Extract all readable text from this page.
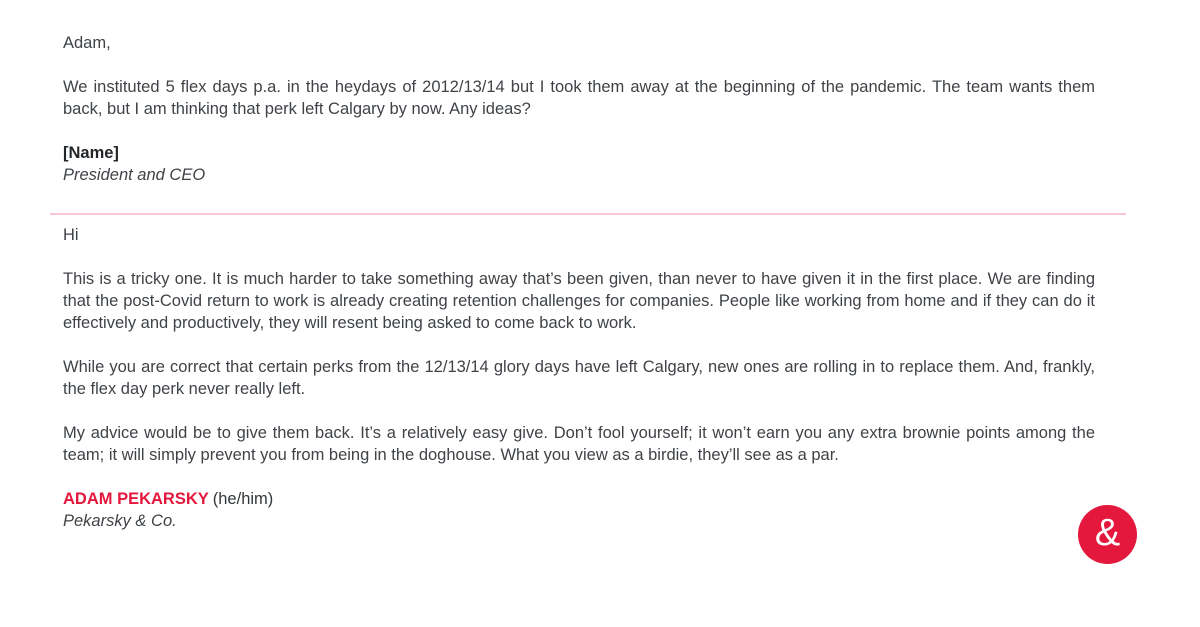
Adam,

We instituted 5 flex days p.a. in the heydays of 2012/13/14 but I took them away at the beginning of the pandemic. The team wants them back, but I am thinking that perk left Calgary by now. Any ideas?

[Name]

President and CEO

Hi

This is a tricky one. It is much harder to take something away that’s been given, than never to have given it in the first place. We are finding that the post-Covid return to work is already creating retention challenges for companies. People like working from home and if they can do it effectively and productively, they will resent being asked to come back to work.

While you are correct that certain perks from the 12/13/14 glory days have left Calgary, new ones are rolling in to replace them. And, frankly, the flex day perk never really left.

My advice would be to give them back. It’s a relatively easy give. Don’t fool yourself; it won’t earn you any extra brownie points among the team; it will simply prevent you from being in the doghouse. What you view as a birdie, they’ll see as a par.

ADAM PEKARSKY (he/him)

Pekarsky & Co.	&
